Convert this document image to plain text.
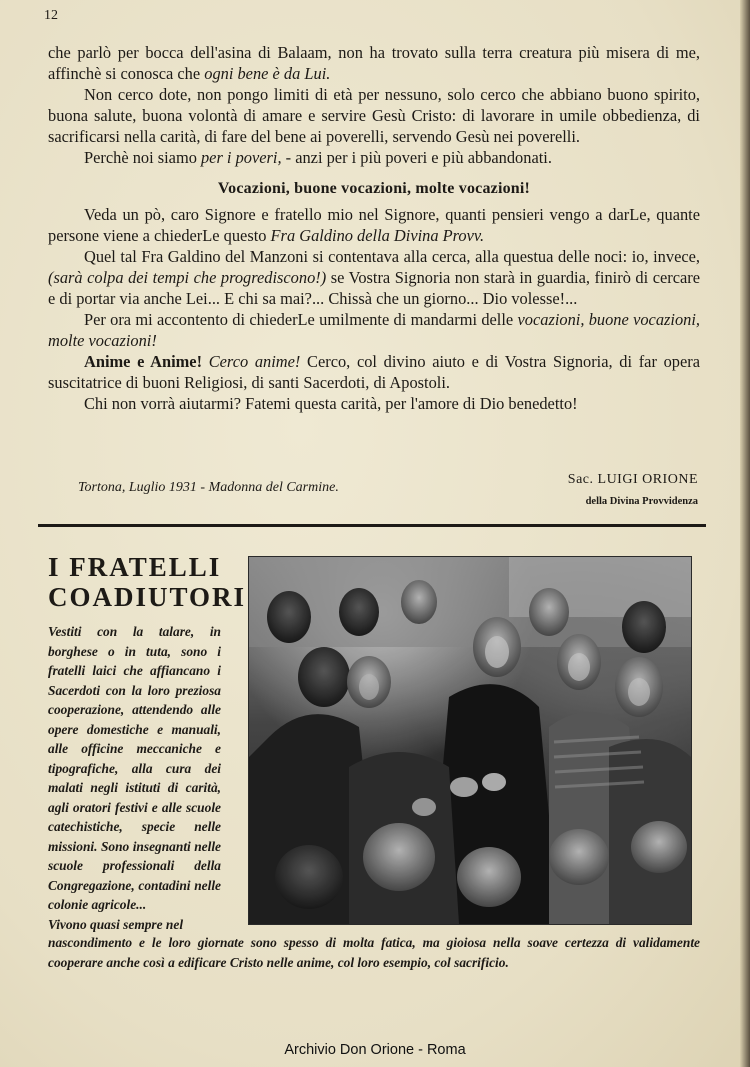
12

che parlò per bocca dell'asina di Balaam, non ha trovato sulla terra creatura più misera di me, affinchè si conosca che ogni bene è da Lui.

Non cerco dote, non pongo limiti di età per nessuno, solo cerco che abbiano buono spirito, buona salute, buona volontà di amare e servire Gesù Cristo: di lavorare in umile obbedienza, di sacrificarsi nella carità, di fare del bene ai poverelli, servendo Gesù nei poverelli.

Perchè noi siamo per i poveri, - anzi per i più poveri e più abbandonati.

Vocazioni, buone vocazioni, molte vocazioni!

Veda un pò, caro Signore e fratello mio nel Signore, quanti pensieri vengo a darLe, quante persone viene a chiederLe questo Fra Galdino della Divina Provv.

Quel tal Fra Galdino del Manzoni si contentava alla cerca, alla questua delle noci: io, invece, (sarà colpa dei tempi che progrediscono!) se Vostra Signoria non starà in guardia, finirò di cercare e di portar via anche Lei... E chi sa mai?... Chissà che un giorno... Dio volesse!...

Per ora mi accontento di chiederLe umilmente di mandarmi delle vocazioni, buone vocazioni, molte vocazioni!

Anime e Anime! Cerco anime! Cerco, col divino aiuto e di Vostra Signoria, di far opera suscitatrice di buoni Religiosi, di santi Sacerdoti, di Apostoli.

Chi non vorrà aiutarmi? Fatemi questa carità, per l'amore di Dio benedetto!

Tortona, Luglio 1931 - Madonna del Carmine.
Sac. LUIGI ORIONE
della Divina Provvidenza
I FRATELLI
COADIUTORI

Vestiti con la talare, in borghese o in tuta, sono i fratelli laici che affiancano i Sacerdoti con la loro preziosa cooperazione, attendendo alle opere domestiche e manuali, alle officine meccaniche e tipografiche, alla cura dei malati negli istituti di carità, agli oratori festivi e alle scuole catechistiche, specie nelle missioni. Sono insegnanti nelle scuole professionali della Congregazione, contadini nelle colonie agricole...

Vivono quasi sempre nel

nascondimento e le loro giornate sono spesso di molta fatica, ma gioiosa nella soave certezza di validamente cooperare anche così a edificare Cristo nelle anime, col loro esempio, col sacrificio.
Archivio Don Orione - Roma
